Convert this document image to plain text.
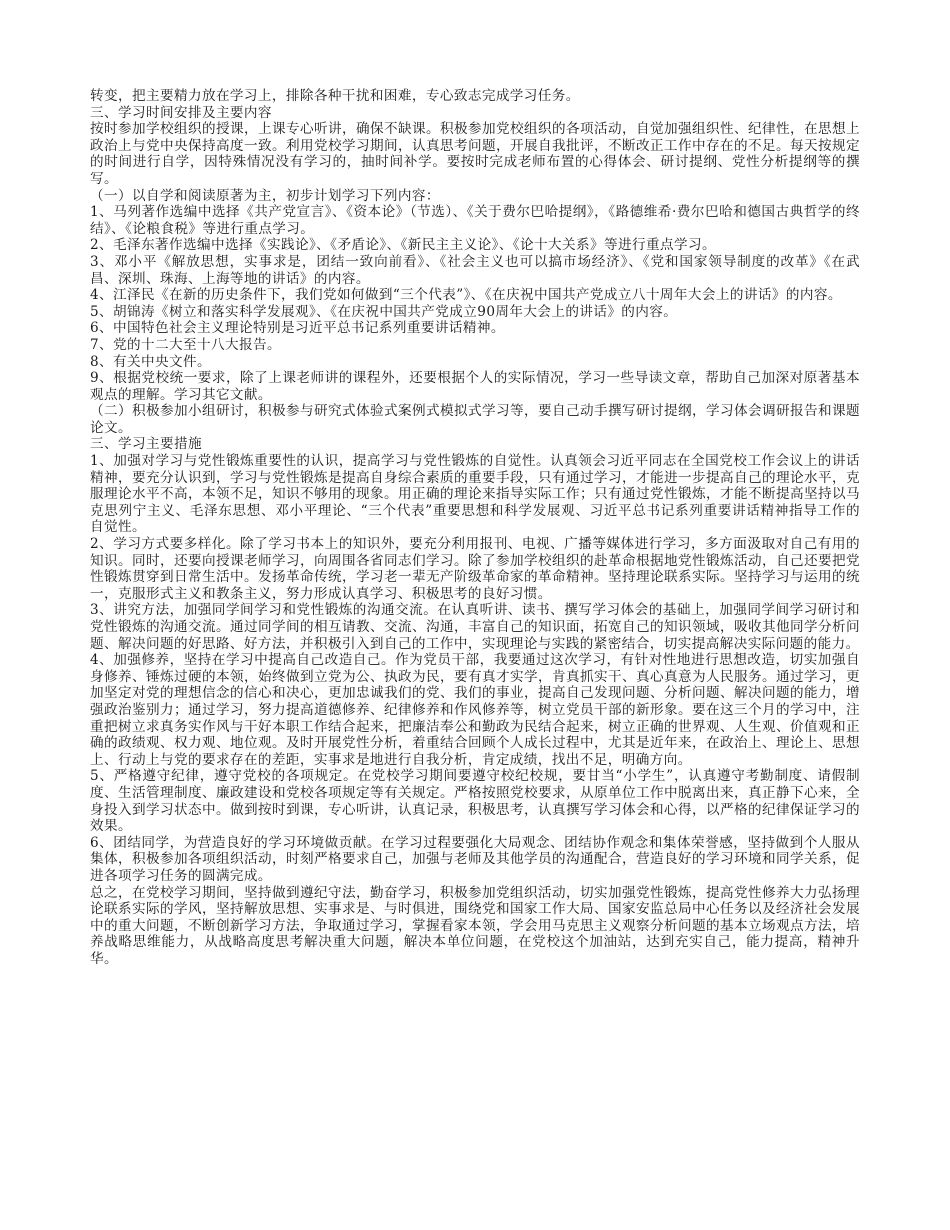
转变，把主要精力放在学习上，排除各种干扰和困难，专心致志完成学习任务。

三、学习时间安排及主要内容

按时参加学校组织的授课，上课专心听讲，确保不缺课。积极参加党校组织的各项活动，自觉加强组织性、纪律性，在思想上政治上与党中央保持高度一致。利用党校学习期间，认真思考问题，开展自我批评，不断改正工作中存在的不足。每天按规定的时间进行自学，因特殊情况没有学习的，抽时间补学。要按时完成老师布置的心得体会、研讨提纲、党性分析提纲等的撰写。

（一）以自学和阅读原著为主，初步计划学习下列内容：

1、马列著作选编中选择《共产党宣言》、《资本论》（节选）、《关于费尔巴哈提纲》，《路德维希·费尔巴哈和德国古典哲学的终结》、《论粮食税》等进行重点学习。

2、毛泽东著作选编中选择《实践论》、《矛盾论》、《新民主主义论》、《论十大关系》等进行重点学习。

3、邓小平《解放思想，实事求是，团结一致向前看》、《社会主义也可以搞市场经济》、《党和国家领导制度的改革》《在武昌、深圳、珠海、上海等地的讲话》的内容。

4、江泽民《在新的历史条件下，我们党如何做到“三个代表”》、《在庆祝中国共产党成立八十周年大会上的讲话》的内容。

5、胡锦涛《树立和落实科学发展观》、《在庆祝中国共产党成立90周年大会上的讲话》的内容。

6、中国特色社会主义理论特别是习近平总书记系列重要讲话精神。

7、党的十二大至十八大报告。

8、有关中央文件。

9、根据党校统一要求，除了上课老师讲的课程外，还要根据个人的实际情况，学习一些导读文章，帮助自己加深对原著基本观点的理解。学习其它文献。

（二）积极参加小组研讨，积极参与研究式体验式案例式模拟式学习等，要自己动手撰写研讨提纲，学习体会调研报告和课题论文。

三、学习主要措施

1、加强对学习与党性锻炼重要性的认识，提高学习与党性锻炼的自觉性。认真领会习近平同志在全国党校工作会议上的讲话精神，要充分认识到，学习与党性锻炼是提高自身综合素质的重要手段，只有通过学习，才能进一步提高自己的理论水平，克服理论水平不高，本领不足，知识不够用的现象。用正确的理论来指导实际工作；只有通过党性锻炼，才能不断提高坚持以马克思列宁主义、毛泽东思想、邓小平理论、“三个代表”重要思想和科学发展观、习近平总书记系列重要讲话精神指导工作的自觉性。

2、学习方式要多样化。除了学习书本上的知识外，要充分利用报刊、电视、广播等媒体进行学习，多方面汲取对自己有用的知识。同时，还要向授课老师学习，向周围各省同志们学习。除了参加学校组织的赴革命根据地党性锻炼活动，自己还要把党性锻炼贯穿到日常生活中。发扬革命传统，学习老一辈无产阶级革命家的革命精神。坚持理论联系实际。坚持学习与运用的统一，克服形式主义和教条主义，努力形成认真学习、积极思考的良好习惯。

3、讲究方法，加强同学间学习和党性锻炼的沟通交流。在认真听讲、读书、撰写学习体会的基础上，加强同学间学习研讨和党性锻炼的沟通交流。通过同学间的相互请教、交流、沟通，丰富自己的知识面，拓宽自己的知识领域，吸收其他同学分析问题、解决问题的好思路、好方法，并积极引入到自己的工作中，实现理论与实践的紧密结合，切实提高解决实际问题的能力。

4、加强修养，坚持在学习中提高自己改造自己。作为党员干部，我要通过这次学习，有针对性地进行思想改造，切实加强自身修养、锤炼过硬的本领，始终做到立党为公、执政为民，要有真才实学，肯真抓实干、真心真意为人民服务。通过学习，更加坚定对党的理想信念的信心和决心，更加忠诚我们的党、我们的事业，提高自己发现问题、分析问题、解决问题的能力，增强政治鉴别力；通过学习，努力提高道德修养、纪律修养和作风修养等，树立党员干部的新形象。要在这三个月的学习中，注重把树立求真务实作风与干好本职工作结合起来，把廉洁奉公和勤政为民结合起来，树立正确的世界观、人生观、价值观和正确的政绩观、权力观、地位观。及时开展党性分析，着重结合回顾个人成长过程中，尤其是近年来，在政治上、理论上、思想上、行动上与党的要求存在的差距，实事求是地进行自我分析，肯定成绩，找出不足，明确方向。

5、严格遵守纪律，遵守党校的各项规定。在党校学习期间要遵守校纪校规，要甘当“小学生”，认真遵守考勤制度、请假制度、生活管理制度、廉政建设和党校各项规定等有关规定。严格按照党校要求，从原单位工作中脱离出来，真正静下心来，全身投入到学习状态中。做到按时到课，专心听讲，认真记录，积极思考，认真撰写学习体会和心得，以严格的纪律保证学习的效果。

6、团结同学，为营造良好的学习环境做贡献。在学习过程要强化大局观念、团结协作观念和集体荣誉感，坚持做到个人服从集体，积极参加各项组织活动，时刻严格要求自己，加强与老师及其他学员的沟通配合，营造良好的学习环境和同学关系，促进各项学习任务的圆满完成。

总之，在党校学习期间，坚持做到遵纪守法，勤奋学习，积极参加党组织活动，切实加强党性锻炼，提高党性修养大力弘扬理论联系实际的学风，坚持解放思想、实事求是、与时俱进，围绕党和国家工作大局、国家安监总局中心任务以及经济社会发展中的重大问题，不断创新学习方法，争取通过学习，掌握看家本领，学会用马克思主义观察分析问题的基本立场观点方法，培养战略思维能力，从战略高度思考解决重大问题，解决本单位问题，在党校这个加油站，达到充实自己，能力提高，精神升华。
